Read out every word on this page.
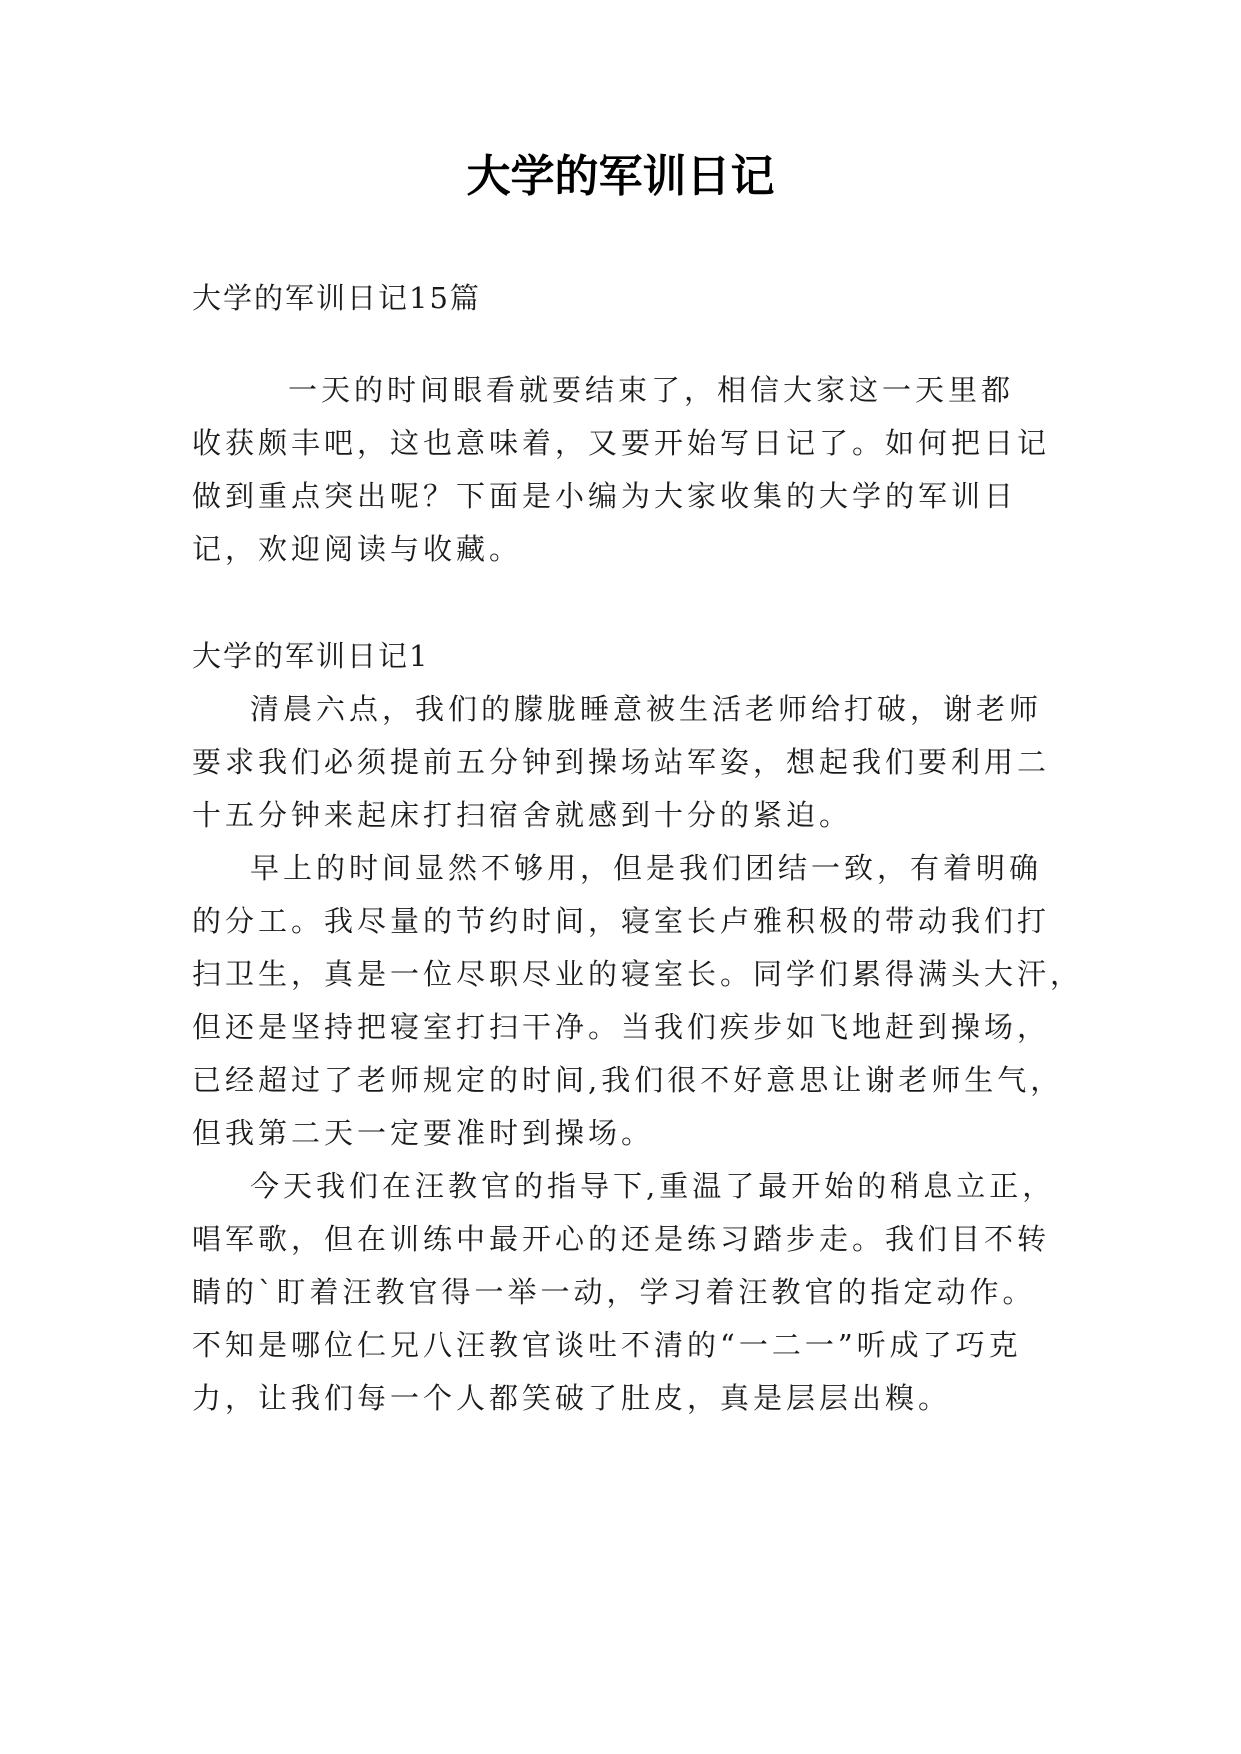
大学的军训日记
大学的军训日记15篇
一天的时间眼看就要结束了，相信大家这一天里都
收获颇丰吧，这也意味着，又要开始写日记了。如何把日记
做到重点突出呢？下面是小编为大家收集的大学的军训日
记，欢迎阅读与收藏。
大学的军训日记1
清晨六点，我们的朦胧睡意被生活老师给打破，谢老师
要求我们必须提前五分钟到操场站军姿，想起我们要利用二
十五分钟来起床打扫宿舍就感到十分的紧迫。
早上的时间显然不够用，但是我们团结一致，有着明确
的分工。我尽量的节约时间，寝室长卢雅积极的带动我们打
扫卫生，真是一位尽职尽业的寝室长。同学们累得满头大汗，
但还是坚持把寝室打扫干净。当我们疾步如飞地赶到操场，
已经超过了老师规定的时间,我们很不好意思让谢老师生气，
但我第二天一定要准时到操场。
今天我们在汪教官的指导下,重温了最开始的稍息立正，
唱军歌，但在训练中最开心的还是练习踏步走。我们目不转
睛的`盯着汪教官得一举一动，学习着汪教官的指定动作。
不知是哪位仁兄八汪教官谈吐不清的“一二一”听成了巧克
力，让我们每一个人都笑破了肚皮，真是层层出糗。
